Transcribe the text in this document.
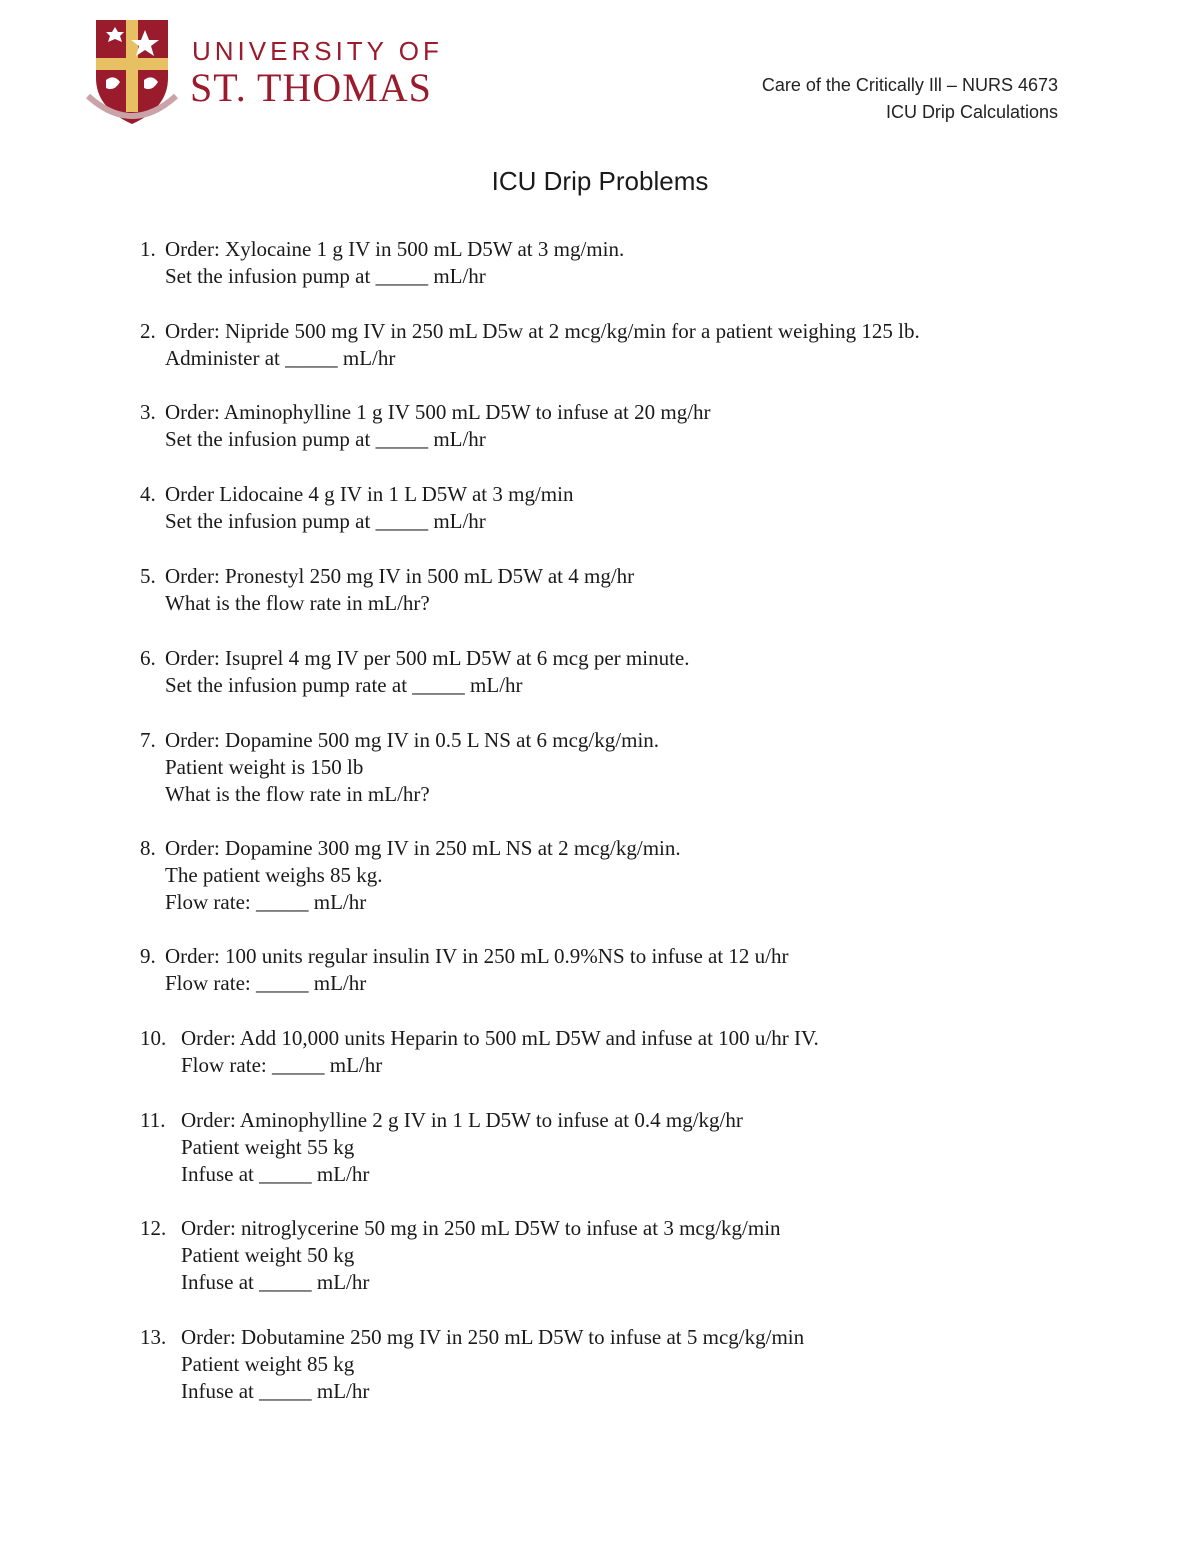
UNIVERSITY OF
ST. THOMAS	Care of the Critically Ill – NURS 4673
ICU Drip Calculations
ICU Drip Problems
1. Order: Xylocaine 1 g IV in 500 mL D5W at 3 mg/min.
Set the infusion pump at _____ mL/hr
2. Order: Nipride 500 mg IV in 250 mL D5w at 2 mcg/kg/min for a patient weighing 125 lb.
Administer at _____ mL/hr
3. Order: Aminophylline 1 g IV 500 mL D5W to infuse at 20 mg/hr
Set the infusion pump at _____ mL/hr
4. Order Lidocaine 4 g IV in 1 L D5W at 3 mg/min
Set the infusion pump at _____ mL/hr
5. Order: Pronestyl 250 mg IV in 500 mL D5W at 4 mg/hr
What is the flow rate in mL/hr?
6. Order: Isuprel 4 mg IV per 500 mL D5W at 6 mcg per minute.
Set the infusion pump rate at _____ mL/hr
7. Order: Dopamine 500 mg IV in 0.5 L NS at 6 mcg/kg/min.
Patient weight is 150 lb
What is the flow rate in mL/hr?
8. Order: Dopamine 300 mg IV in 250 mL NS at 2 mcg/kg/min.
The patient weighs 85 kg.
Flow rate: _____ mL/hr
9. Order: 100 units regular insulin IV in 250 mL 0.9%NS to infuse at 12 u/hr
Flow rate: _____ mL/hr
10. Order: Add 10,000 units Heparin to 500 mL D5W and infuse at 100 u/hr IV.
Flow rate: _____ mL/hr
11. Order: Aminophylline 2 g IV in 1 L D5W to infuse at 0.4 mg/kg/hr
Patient weight 55 kg
Infuse at _____ mL/hr
12. Order: nitroglycerine 50 mg in 250 mL D5W to infuse at 3 mcg/kg/min
Patient weight 50 kg
Infuse at _____ mL/hr
13. Order: Dobutamine 250 mg IV in 250 mL D5W to infuse at 5 mcg/kg/min
Patient weight 85 kg
Infuse at _____ mL/hr
